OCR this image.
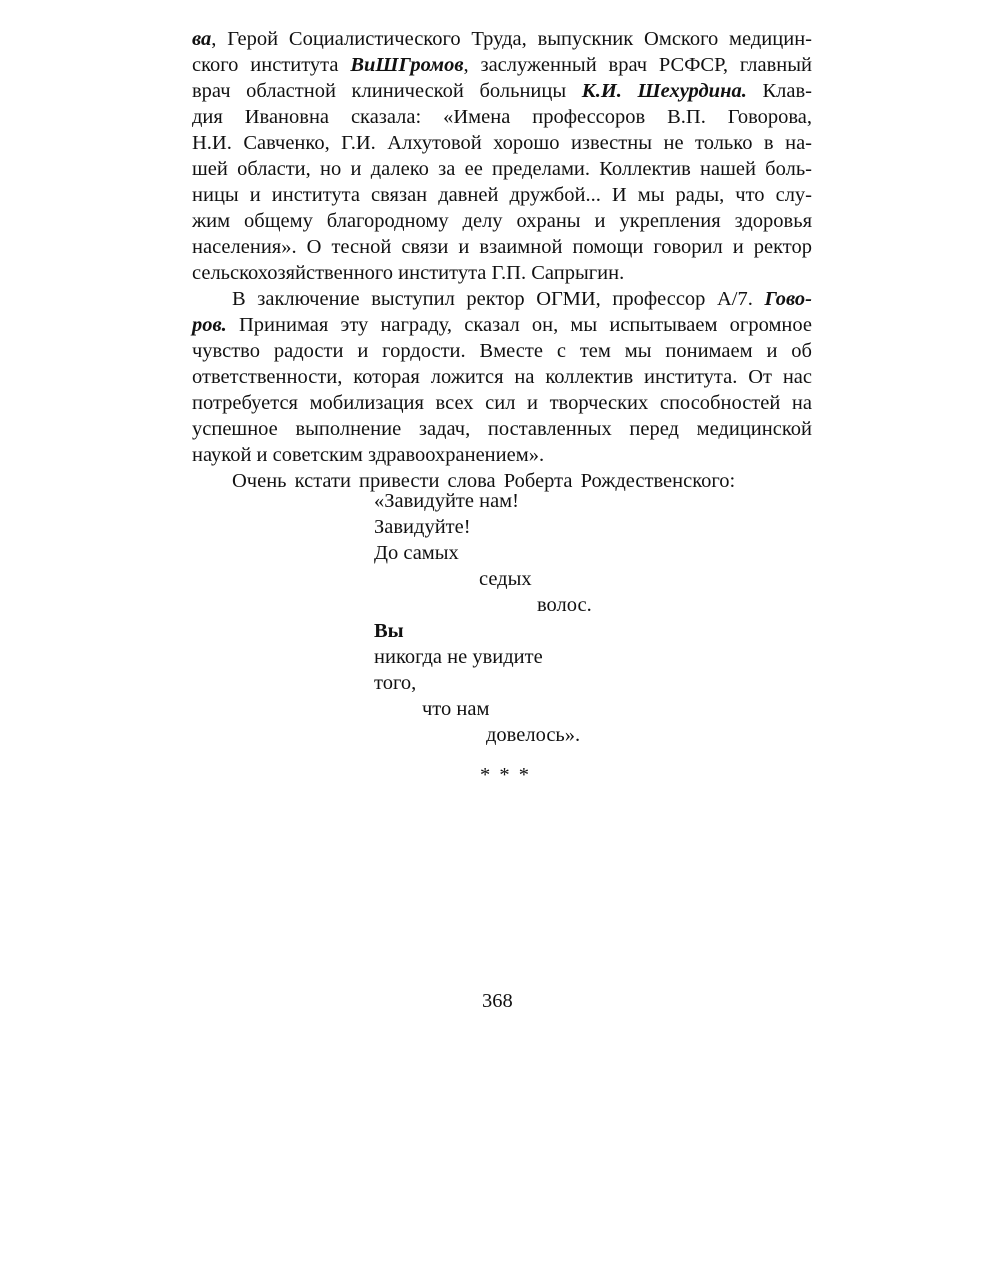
ва, Герой Социалистического Труда, выпускник Омского медицин-
ского института ВиШГромов, заслуженный врач РСФСР, главный
врач областной клинической больницы К.И. Шехурдина. Клав-
дия Ивановна сказала: «Имена профессоров В.П. Говорова,
Н.И. Савченко, Г.И. Алхутовой хорошо известны не только в на-
шей области, но и далеко за ее пределами. Коллектив нашей боль-
ницы и института связан давней дружбой... И мы рады, что слу-
жим общему благородному делу охраны и укрепления здоровья
населения». О тесной связи и взаимной помощи говорил и ректор
сельскохозяйственного института Г.П. Сапрыгин.
В заключение выступил ректор ОГМИ, профессор А/7. Гово-
ров. Принимая эту награду, сказал он, мы испытываем огромное
чувство радости и гордости. Вместе с тем мы понимаем и об
ответственности, которая ложится на коллектив института. От нас
потребуется мобилизация всех сил и творческих способностей на
успешное выполнение задач, поставленных перед медицинской
наукой и советским здравоохранением».
Очень кстати привести слова Роберта Рождественского:
«Завидуйте нам!
Завидуйте!
До самых
седых
волос.
Вы
никогда не увидите
того,
что нам
довелось».
* * *
368
